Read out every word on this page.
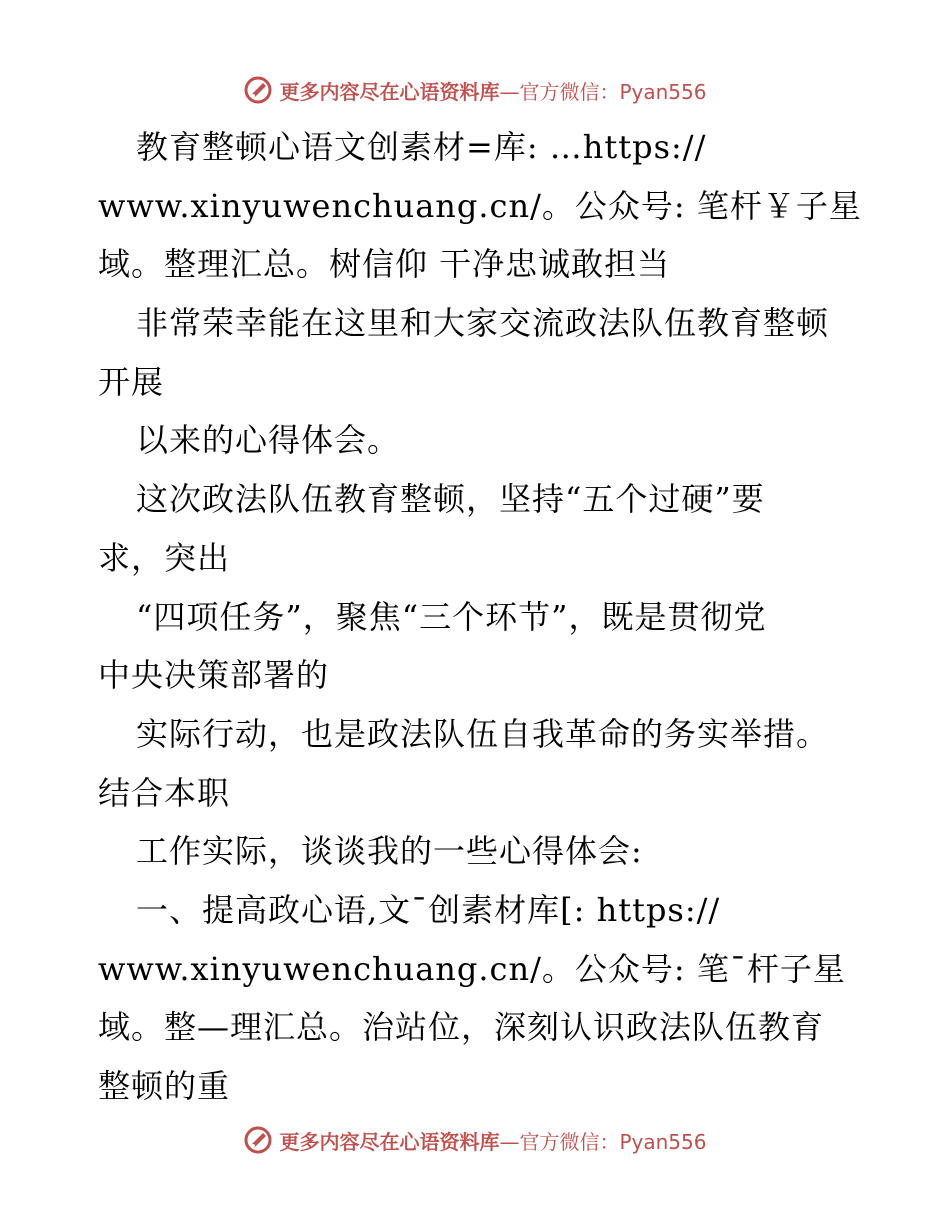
更多内容尽在心语资料库 —官方微信：Pyan556
教育整顿心语文创素材=库: …https://
www.xinyuwenchuang.cn/。公众号: 笔杆￥子星
域。整理汇总。树信仰 干净忠诚敢担当
非常荣幸能在这里和大家交流政法队伍教育整顿
开展
以来的心得体会。
这次政法队伍教育整顿，坚持“五个过硬”要
求，突出
“四项任务”，聚焦“三个环节”，既是贯彻党
中央决策部署的
实际行动，也是政法队伍自我革命的务实举措。
结合本职
工作实际，谈谈我的一些心得体会:
一、提高政心语,文¯创素材库[: https://
www.xinyuwenchuang.cn/。公众号: 笔¯杆子星
域。整—理汇总。治站位，深刻认识政法队伍教育
整顿的重
更多内容尽在心语资料库 —官方微信：Pyan556
